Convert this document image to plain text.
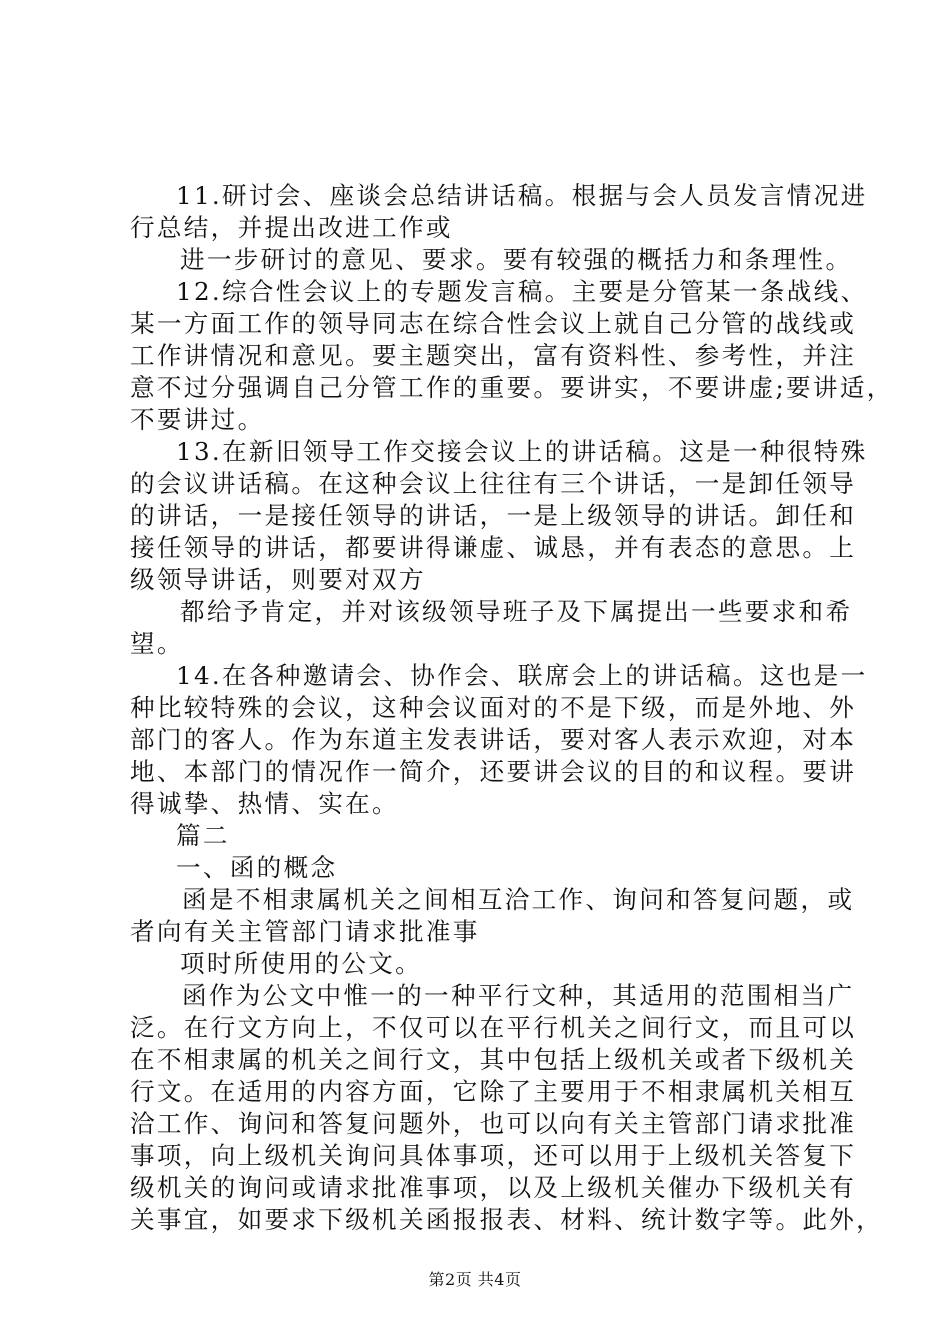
11.研讨会、座谈会总结讲话稿。根据与会人员发言情况进

行总结，并提出改进工作或

进一步研讨的意见、要求。要有较强的概括力和条理性。

12.综合性会议上的专题发言稿。主要是分管某一条战线、

某一方面工作的领导同志在综合性会议上就自己分管的战线或

工作讲情况和意见。要主题突出，富有资料性、参考性，并注

意不过分强调自己分管工作的重要。要讲实，不要讲虚;要讲适，

不要讲过。

13.在新旧领导工作交接会议上的讲话稿。这是一种很特殊

的会议讲话稿。在这种会议上往往有三个讲话，一是卸任领导

的讲话，一是接任领导的讲话，一是上级领导的讲话。卸任和

接任领导的讲话，都要讲得谦虚、诚恳，并有表态的意思。上

级领导讲话，则要对双方

都给予肯定，并对该级领导班子及下属提出一些要求和希

望。

14.在各种邀请会、协作会、联席会上的讲话稿。这也是一

种比较特殊的会议，这种会议面对的不是下级，而是外地、外

部门的客人。作为东道主发表讲话，要对客人表示欢迎，对本

地、本部门的情况作一简介，还要讲会议的目的和议程。要讲

得诚挚、热情、实在。

篇二

一、函的概念

函是不相隶属机关之间相互洽工作、询问和答复问题，或

者向有关主管部门请求批准事

项时所使用的公文。

函作为公文中惟一的一种平行文种，其适用的范围相当广

泛。在行文方向上，不仅可以在平行机关之间行文，而且可以

在不相隶属的机关之间行文，其中包括上级机关或者下级机关

行文。在适用的内容方面，它除了主要用于不相隶属机关相互

洽工作、询问和答复问题外，也可以向有关主管部门请求批准

事项，向上级机关询问具体事项，还可以用于上级机关答复下

级机关的询问或请求批准事项，以及上级机关催办下级机关有

关事宜，如要求下级机关函报报表、材料、统计数字等。此外，

第2页 共4页
